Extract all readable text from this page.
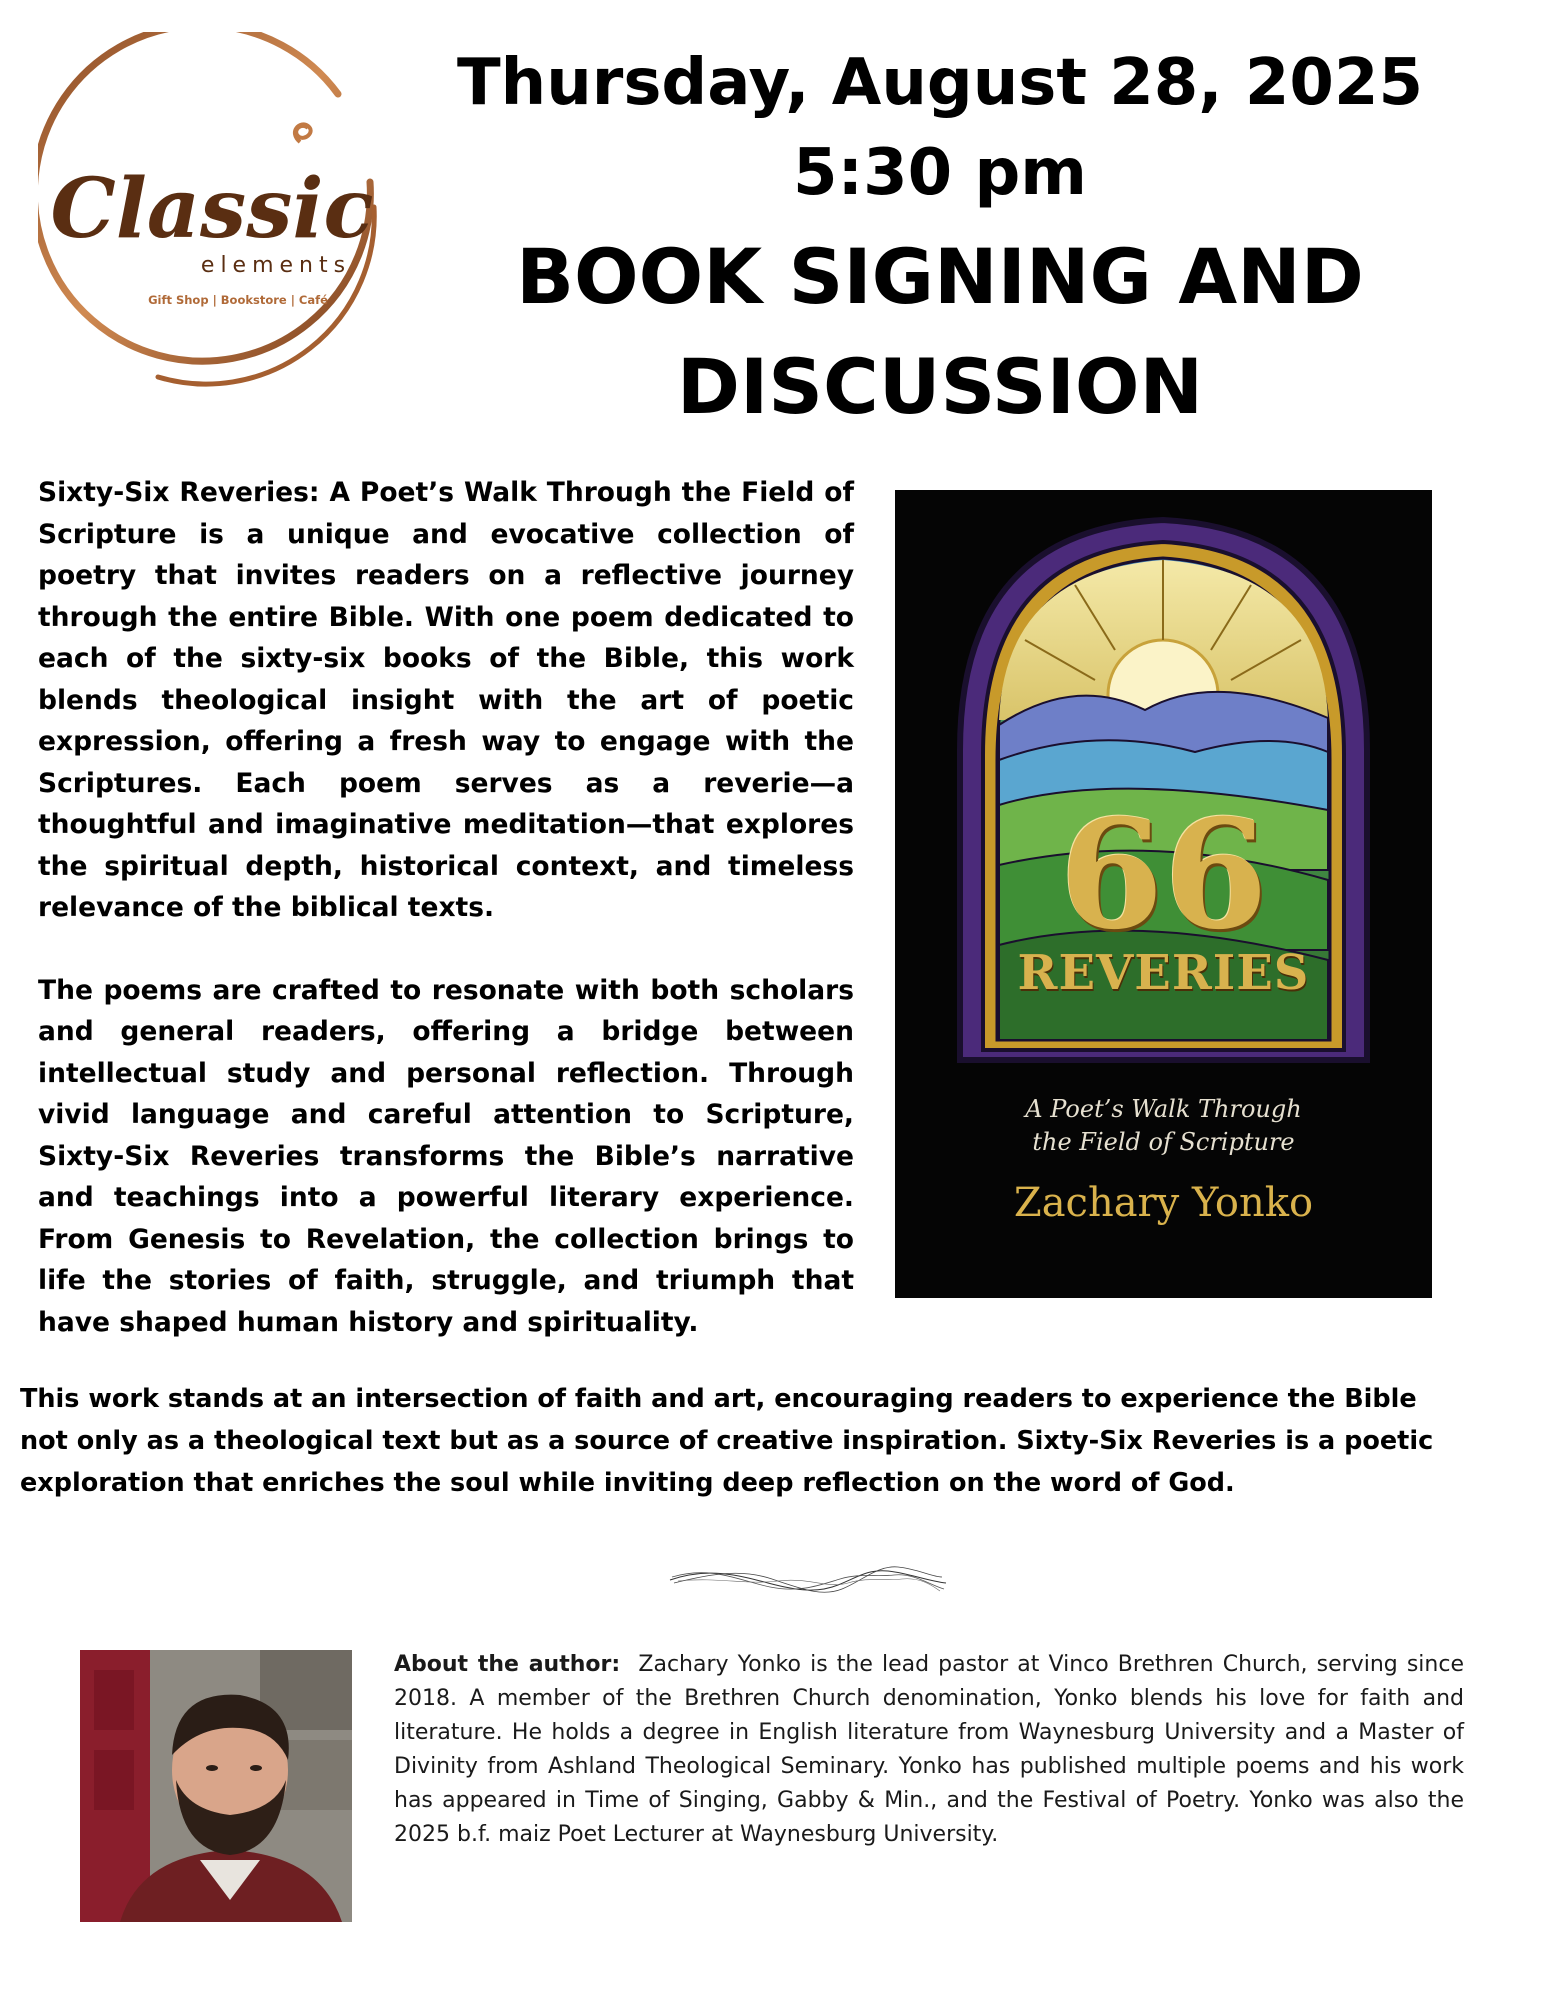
Classic
elements
Gift Shop | Bookstore | Café
Thursday, August 28, 2025
5:30 pm
BOOK SIGNING AND
DISCUSSION

Sixty-Six Reveries: A Poet’s Walk Through the Field of Scripture is a unique and evocative collection of poetry that invites readers on a reflective journey through the entire Bible. With one poem dedicated to each of the sixty-six books of the Bible, this work blends theological insight with the art of poetic expression, offering a fresh way to engage with the Scriptures. Each poem serves as a reverie—a thoughtful and imaginative meditation—that explores the spiritual depth, historical context, and timeless relevance of the biblical texts.

The poems are crafted to resonate with both scholars and general readers, offering a bridge between intellectual study and personal reflection. Through vivid language and careful attention to Scripture, Sixty-Six Reveries transforms the Bible’s narrative and teachings into a powerful literary experience. From Genesis to Revelation, the collection brings to life the stories of faith, struggle, and triumph that have shaped human history and spirituality.

66
REVERIES
A Poet’s Walk Through
the Field of Scripture
Zachary Yonko
This work stands at an intersection of faith and art, encouraging readers to experience the Bible not only as a theological text but as a source of creative inspiration. Sixty-Six Reveries is a poetic exploration that enriches the soul while inviting deep reflection on the word of God.
About the author: Zachary Yonko is the lead pastor at Vinco Brethren Church, serving since 2018. A member of the Brethren Church denomination, Yonko blends his love for faith and literature. He holds a degree in English literature from Waynesburg University and a Master of Divinity from Ashland Theological Seminary. Yonko has published multiple poems and his work has appeared in Time of Singing, Gabby & Min., and the Festival of Poetry. Yonko was also the 2025 b.f. maiz Poet Lecturer at Waynesburg University.
